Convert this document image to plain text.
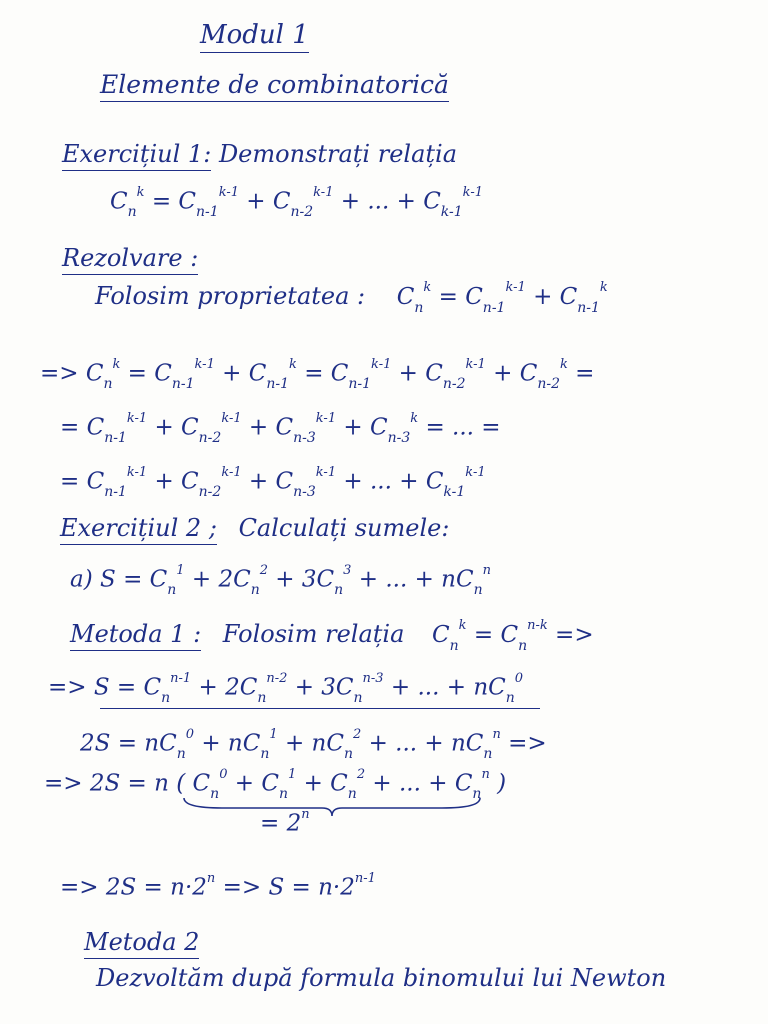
Modul 1
Elemente de combinatorică
Exercițiul 1: Demonstrați relația
$C_n^k = C_{n-1}^{k-1} + C_{n-2}^{k-1}$ + ... + $C_{k-1}^{k-1}$
Rezolvare :
Folosim proprietatea : $C_n^k = C_{n-1}^{k-1} + C_{n-1}^k$
=> $C_n^k = C_{n-1}^{k-1} + C_{n-1}^k = C_{n-1}^{k-1} + C_{n-2}^{k-1} + C_{n-2}^k$ =
= $C_{n-1}^{k-1} + C_{n-2}^{k-1} + C_{n-3}^{k-1} + C_{n-3}^k$ = ... =
= $C_{n-1}^{k-1} + C_{n-2}^{k-1} + C_{n-3}^{k-1}$ + ... + $C_{k-1}^{k-1}$
Exercițiul 2 ; Calculați sumele:
a) $S = C_n^1 + 2C_n^2 + 3C_n^3$ + ... + $nC_n^n$
Metoda 1 : Folosim relația $C_n^k = C_n^{n-k}$ =>
=> $S = C_n^{n-1} + 2C_n^{n-2} + 3C_n^{n-3}$ + ... + $nC_n^0$
$2S = nC_n^0 + nC_n^1 + nC_n^2$ + ... + $nC_n^n$ =>
=> 2S = n ( $C_n^0 + C_n^1 + C_n^2$ + ... + $C_n^n$ )
= $2^n$
=> $2S = n\cdot 2^n => S = n\cdot 2^{n-1}$
Metoda 2
Dezvoltăm după formula binomului lui Newton
